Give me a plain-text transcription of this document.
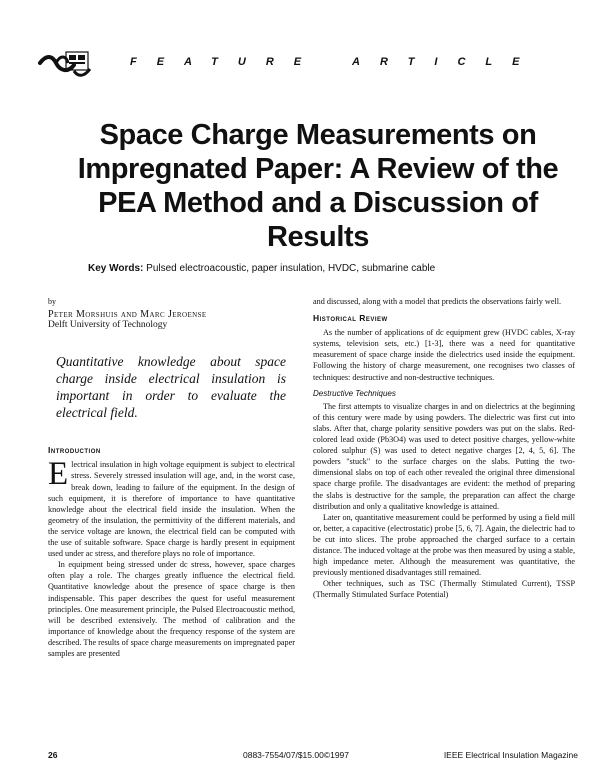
FEATURE	ARTICLE
Space Charge Measurements on Impregnated Paper: A Review of the PEA Method and a Discussion of Results
Key Words: Pulsed electroacoustic, paper insulation, HVDC, submarine cable

by

Peter Morshuis and Marc Jeroense

Delft University of Technology

Quantitative knowledge about space charge inside electrical insulation is important in order to evaluate the electrical field.

Introduction

Electrical insulation in high voltage equipment is subject to electrical stress. Severely stressed insulation will age, and, in the worst case, break down, leading to failure of the equipment. In the design of such equipment, it is therefore of importance to have quantitative knowledge about the electrical field inside the insulation. When the geometry of the insulation, the permittivity of the different materials, and the service voltage are known, the electrical field can be computed with the use of suitable software. Space charge is hardly present in equipment used under ac stress, and therefore plays no role of importance.

In equipment being stressed under dc stress, however, space charges often play a role. The charges greatly influence the electrical field. Quantitative knowledge about the presence of space charge is then indispensable. This paper describes the quest for useful measurement principles. One measurement principle, the Pulsed Electroacoustic method, will be described extensively. The method of calibration and the importance of knowledge about the frequency response of the system are described. The results of space charge measurements on impregnated paper samples are presented

and discussed, along with a model that predicts the observations fairly well.

Historical Review

As the number of applications of dc equipment grew (HVDC cables, X-ray systems, television sets, etc.) [1-3], there was a need for quantitative measurement of space charge inside the dielectrics used inside the equipment. Following the history of charge measurement, one recognises two classes of techniques: destructive and non-destructive techniques.

Destructive Techniques

The first attempts to visualize charges in and on dielectrics at the beginning of this century were made by using powders. The dielectric was first cut into slabs. After that, charge polarity sensitive powders was put on the slabs. Red-colored lead oxide (Pb3O4) was used to detect positive charges, yellow-white colored sulphur (S) was used to detect negative charges [2, 4, 5, 6]. The powders "stuck" to the surface charges on the slabs. Putting the two-dimensional slabs on top of each other revealed the original three dimensional space charge profile. The disadvantages are evident: the method of preparing the slabs is destructive for the sample, the preparation can affect the charge distribution and only a qualitative knowledge is attained.

Later on, quantitative measurement could be performed by using a field mill or, better, a capacitive (electrostatic) probe [5, 6, 7]. Again, the dielectric had to be cut into slices. The probe approached the charged surface to a certain distance. The induced voltage at the probe was then measured by using a stable, high impedance meter. Although the measurement was quantitative, the previously mentioned disadvantages still remained.

Other techniques, such as TSC (Thermally Stimulated Current), TSSP (Thermally Stimulated Surface Potential)

26	0883-7554/07/$15.00©1997	IEEE Electrical Insulation Magazine
